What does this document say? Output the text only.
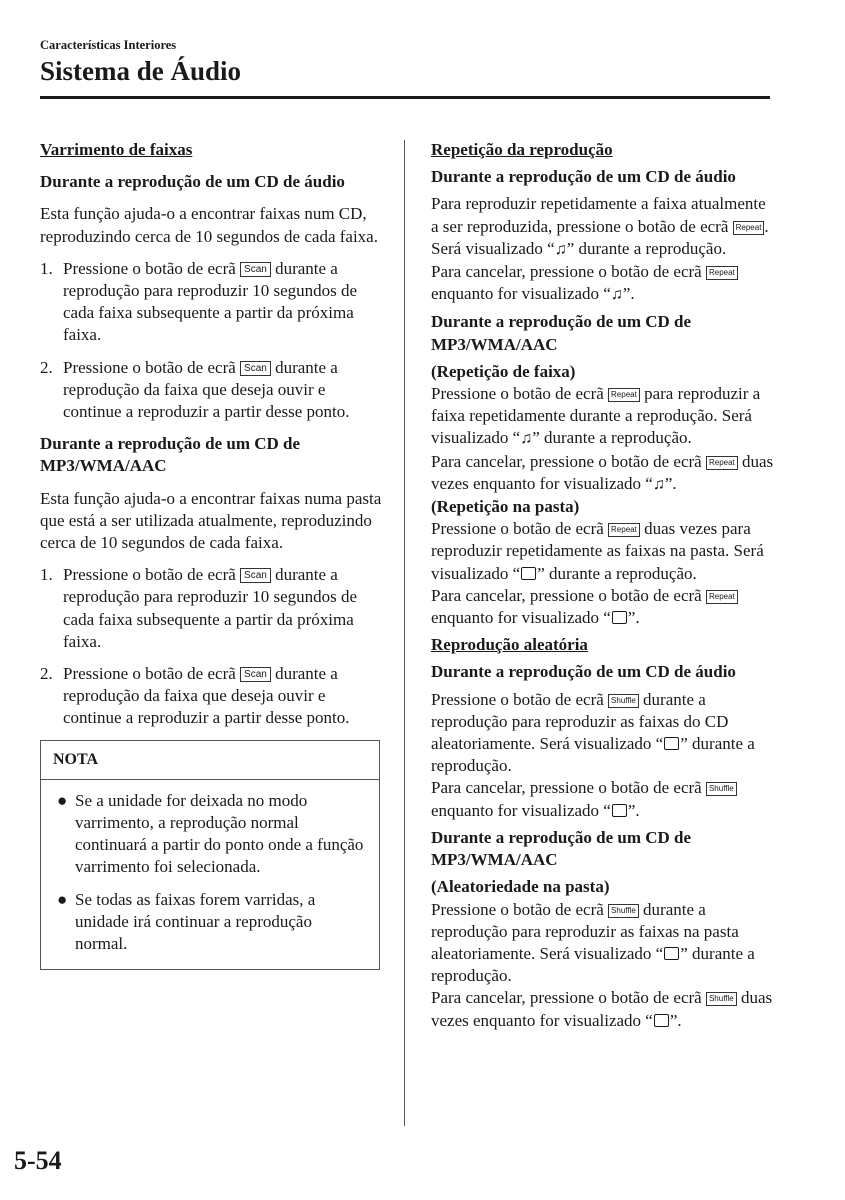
Características Interiores
Sistema de Áudio

Varrimento de faixas

Durante a reprodução de um CD de áudio

Esta função ajuda-o a encontrar faixas num CD, reproduzindo cerca de 10 segundos de cada faixa.

1. Pressione o botão de ecrã Scan durante a reprodução para reproduzir 10 segundos de cada faixa subsequente a partir da próxima faixa.
2. Pressione o botão de ecrã Scan durante a reprodução da faixa que deseja ouvir e continue a reproduzir a partir desse ponto.

Durante a reprodução de um CD de MP3/WMA/AAC

Esta função ajuda-o a encontrar faixas numa pasta que está a ser utilizada atualmente, reproduzindo cerca de 10 segundos de cada faixa.

1. Pressione o botão de ecrã Scan durante a reprodução para reproduzir 10 segundos de cada faixa subsequente a partir da próxima faixa.
2. Pressione o botão de ecrã Scan durante a reprodução da faixa que deseja ouvir e continue a reproduzir a partir desse ponto.
NOTA
● Se a unidade for deixada no modo varrimento, a reprodução normal continuará a partir do ponto onde a função varrimento foi selecionada.
● Se todas as faixas forem varridas, a unidade irá continuar a reprodução normal.

Repetição da reprodução

Durante a reprodução de um CD de áudio

Para reproduzir repetidamente a faixa atualmente a ser reproduzida, pressione o botão de ecrã Repeat . Será visualizado “♫” durante a reprodução.

Para cancelar, pressione o botão de ecrã Repeat enquanto for visualizado “♫”.

Durante a reprodução de um CD de MP3/WMA/AAC

(Repetição de faixa)

Pressione o botão de ecrã Repeat para reproduzir a faixa repetidamente durante a reprodução. Será visualizado “♫” durante a reprodução.

Para cancelar, pressione o botão de ecrã Repeat duas vezes enquanto for visualizado “♫”.

(Repetição na pasta)

Pressione o botão de ecrã Repeat duas vezes para reproduzir repetidamente as faixas na pasta. Será visualizado “ ” durante a reprodução.

Para cancelar, pressione o botão de ecrã Repeat enquanto for visualizado “ ”.

Reprodução aleatória

Durante a reprodução de um CD de áudio

Pressione o botão de ecrã Shuffle durante a reprodução para reproduzir as faixas do CD aleatoriamente. Será visualizado “ ” durante a reprodução.

Para cancelar, pressione o botão de ecrã Shuffle enquanto for visualizado “ ”.

Durante a reprodução de um CD de MP3/WMA/AAC

(Aleatoriedade na pasta)

Pressione o botão de ecrã Shuffle durante a reprodução para reproduzir as faixas na pasta aleatoriamente. Será visualizado “ ” durante a reprodução.

Para cancelar, pressione o botão de ecrã Shuffle duas vezes enquanto for visualizado “ ”.

5-54
